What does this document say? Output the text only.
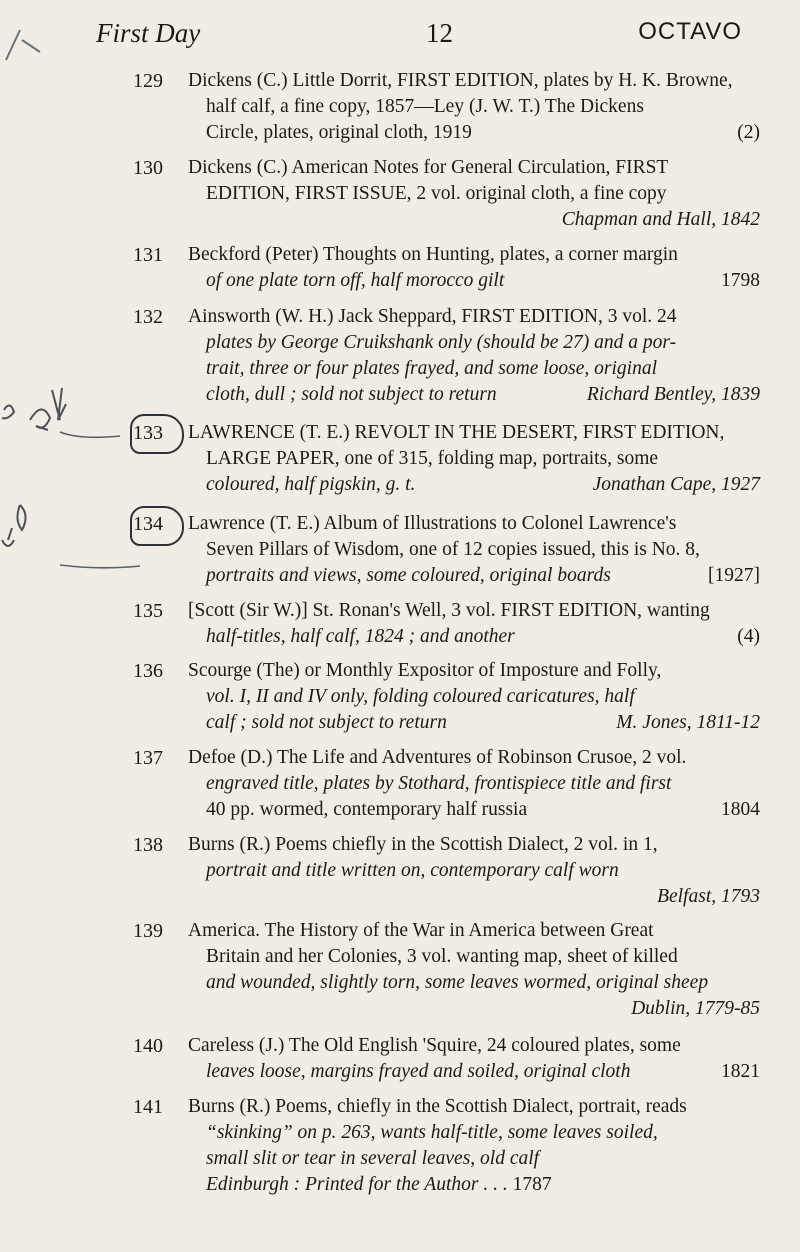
First Day	12	OCTAVO
129	Dickens (C.) Little Dorrit, FIRST EDITION, plates by H. K. Browne,
half calf, a fine copy, 1857—Ley (J. W. T.) The Dickens
Circle, plates, original cloth, 1919	(2)
130	Dickens (C.) American Notes for General Circulation, FIRST
EDITION, FIRST ISSUE, 2 vol. original cloth, a fine copy
Chapman and Hall, 1842
131	Beckford (Peter) Thoughts on Hunting, plates, a corner margin
of one plate torn off, half morocco gilt	1798
132	Ainsworth (W. H.) Jack Sheppard, FIRST EDITION, 3 vol. 24
plates by George Cruikshank only (should be 27) and a por-
trait, three or four plates frayed, and some loose, original
cloth, dull ; sold not subject to return	Richard Bentley, 1839
133	LAWRENCE (T. E.) REVOLT IN THE DESERT, FIRST EDITION,
LARGE PAPER, one of 315, folding map, portraits, some
coloured, half pigskin, g. t.	Jonathan Cape, 1927
134	Lawrence (T. E.) Album of Illustrations to Colonel Lawrence's
Seven Pillars of Wisdom, one of 12 copies issued, this is No. 8,
portraits and views, some coloured, original boards	[1927]
135	[Scott (Sir W.)] St. Ronan's Well, 3 vol. FIRST EDITION, wanting
half-titles, half calf, 1824 ; and another	(4)
136	Scourge (The) or Monthly Expositor of Imposture and Folly,
vol. I, II and IV only, folding coloured caricatures, half
calf ; sold not subject to return	M. Jones, 1811-12
137	Defoe (D.) The Life and Adventures of Robinson Crusoe, 2 vol.
engraved title, plates by Stothard, frontispiece title and first
40 pp. wormed, contemporary half russia	1804
138	Burns (R.) Poems chiefly in the Scottish Dialect, 2 vol. in 1,
portrait and title written on, contemporary calf worn
Belfast, 1793
139	America. The History of the War in America between Great
Britain and her Colonies, 3 vol. wanting map, sheet of killed
and wounded, slightly torn, some leaves wormed, original sheep
Dublin, 1779-85
140	Careless (J.) The Old English 'Squire, 24 coloured plates, some
leaves loose, margins frayed and soiled, original cloth	1821
141	Burns (R.) Poems, chiefly in the Scottish Dialect, portrait, reads
“skinking” on p. 263, wants half-title, some leaves soiled,
small slit or tear in several leaves, old calf
Edinburgh : Printed for the Author . . . 1787
